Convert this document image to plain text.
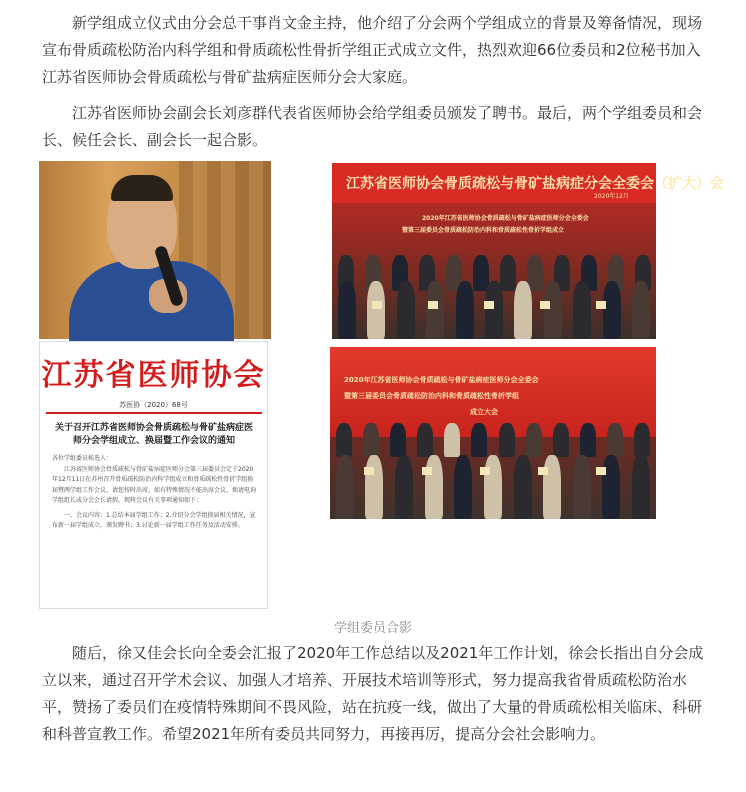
新学组成立仪式由分会总干事肖文金主持，他介绍了分会两个学组成立的背景及筹备情况，现场宣布骨质疏松防治内科学组和骨质疏松性骨折学组正式成立文件，热烈欢迎66位委员和2位秘书加入江苏省医师协会骨质疏松与骨矿盐病症医师分会大家庭。

江苏省医师协会副会长刘彦群代表省医师协会给学组委员颁发了聘书。最后，两个学组委员和会长、候任会长、副会长一起合影。

江苏省医师协会
苏医协（2020）68号
关于召开江苏省医师协会骨质疏松与骨矿盐病症医师分会学组成立、换届暨工作会议的通知
各位学组委员候选人：
江苏省医师协会骨质疏松与骨矿盐病症医师分会第三届委员会定于2020年12月11日在苏州召开骨质疏松防治内科学组成立和骨质疏松性骨折学组换届暨两学组工作会议，请您按时出席。如有特殊情况不能出席会议，烦请电询学组组长或分会会长请假。现将会议有关事项通知如下：
一、会议内容：1.总结本届学组工作；2.介绍分会学组换届相关情况，宣布新一届学组成立，颁发聘书；3.讨论新一届学组工作任务及活动安排。
江苏省医师协会骨质疏松与骨矿盐病症分会全委会（扩大）会
2020年12月
2020年江苏省医师协会骨质疏松与骨矿盐病症医师分会全委会
暨第三届委员会骨质疏松防治内科和骨质疏松性骨折学组成立
2020年江苏省医师协会骨质疏松与骨矿盐病症医师分会全委会
暨第三届委员会骨质疏松防治内科和骨质疏松性骨折学组
成立大会
学组委员合影

随后，徐又佳会长向全委会汇报了2020年工作总结以及2021年工作计划，徐会长指出自分会成立以来，通过召开学术会议、加强人才培养、开展技术培训等形式，努力提高我省骨质疏松防治水平，赞扬了委员们在疫情特殊期间不畏风险，站在抗疫一线，做出了大量的骨质疏松相关临床、科研和科普宣教工作。希望2021年所有委员共同努力，再接再厉，提高分会社会影响力。
